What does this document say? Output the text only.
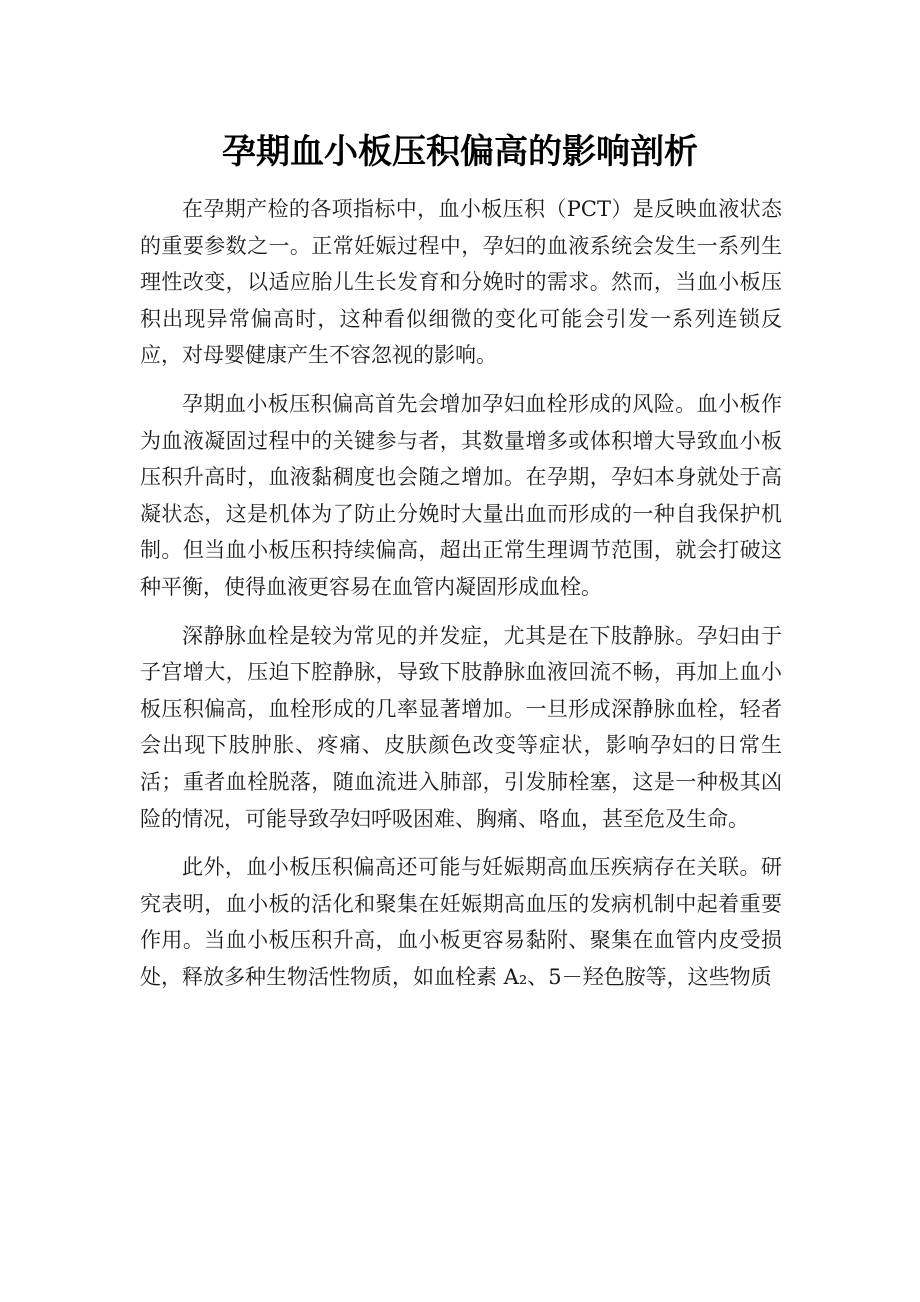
孕期血小板压积偏高的影响剖析

在孕期产检的各项指标中，血小板压积（PCT）是反映血液状态的重要参数之一。正常妊娠过程中，孕妇的血液系统会发生一系列生理性改变，以适应胎儿生长发育和分娩时的需求。然而，当血小板压积出现异常偏高时，这种看似细微的变化可能会引发一系列连锁反应，对母婴健康产生不容忽视的影响。

孕期血小板压积偏高首先会增加孕妇血栓形成的风险。血小板作为血液凝固过程中的关键参与者，其数量增多或体积增大导致血小板压积升高时，血液黏稠度也会随之增加。在孕期，孕妇本身就处于高凝状态，这是机体为了防止分娩时大量出血而形成的一种自我保护机制。但当血小板压积持续偏高，超出正常生理调节范围，就会打破这种平衡，使得血液更容易在血管内凝固形成血栓。

深静脉血栓是较为常见的并发症，尤其是在下肢静脉。孕妇由于子宫增大，压迫下腔静脉，导致下肢静脉血液回流不畅，再加上血小板压积偏高，血栓形成的几率显著增加。一旦形成深静脉血栓，轻者会出现下肢肿胀、疼痛、皮肤颜色改变等症状，影响孕妇的日常生活；重者血栓脱落，随血流进入肺部，引发肺栓塞，这是一种极其凶险的情况，可能导致孕妇呼吸困难、胸痛、咯血，甚至危及生命。

此外，血小板压积偏高还可能与妊娠期高血压疾病存在关联。研究表明，血小板的活化和聚集在妊娠期高血压的发病机制中起着重要作用。当血小板压积升高，血小板更容易黏附、聚集在血管内皮受损处，释放多种生物活性物质，如血栓素 A₂、5－羟色胺等，这些物质
